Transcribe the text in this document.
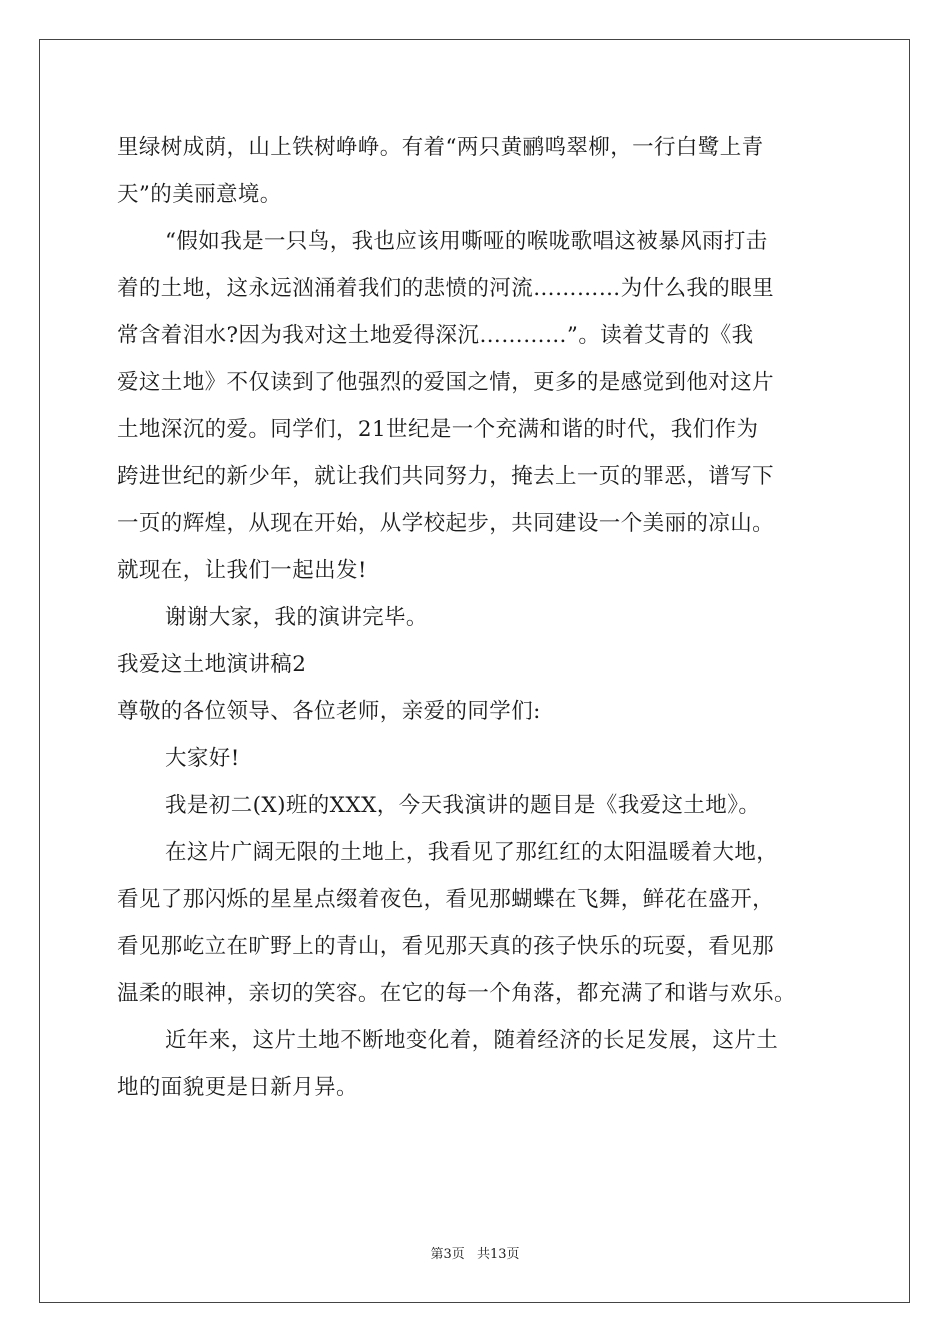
里绿树成荫，山上铁树峥峥。有着“两只黄鹂鸣翠柳，一行白鹭上青
天”的美丽意境。
“假如我是一只鸟，我也应该用嘶哑的喉咙歌唱这被暴风雨打击
着的土地，这永远汹涌着我们的悲愤的河流…………为什么我的眼里
常含着泪水?因为我对这土地爱得深沉…………”。读着艾青的《我
爱这土地》不仅读到了他强烈的爱国之情，更多的是感觉到他对这片
土地深沉的爱。同学们，21世纪是一个充满和谐的时代，我们作为
跨进世纪的新少年，就让我们共同努力，掩去上一页的罪恶，谱写下
一页的辉煌，从现在开始，从学校起步，共同建设一个美丽的凉山。
就现在，让我们一起出发!
谢谢大家，我的演讲完毕。
我爱这土地演讲稿2
尊敬的各位领导、各位老师，亲爱的同学们:
大家好!
我是初二(X)班的XXX，今天我演讲的题目是《我爱这土地》。
在这片广阔无限的土地上，我看见了那红红的太阳温暖着大地，
看见了那闪烁的星星点缀着夜色，看见那蝴蝶在飞舞，鲜花在盛开，
看见那屹立在旷野上的青山，看见那天真的孩子快乐的玩耍，看见那
温柔的眼神，亲切的笑容。在它的每一个角落，都充满了和谐与欢乐。
近年来，这片土地不断地变化着，随着经济的长足发展，这片土
地的面貌更是日新月异。
第3页 共13页
